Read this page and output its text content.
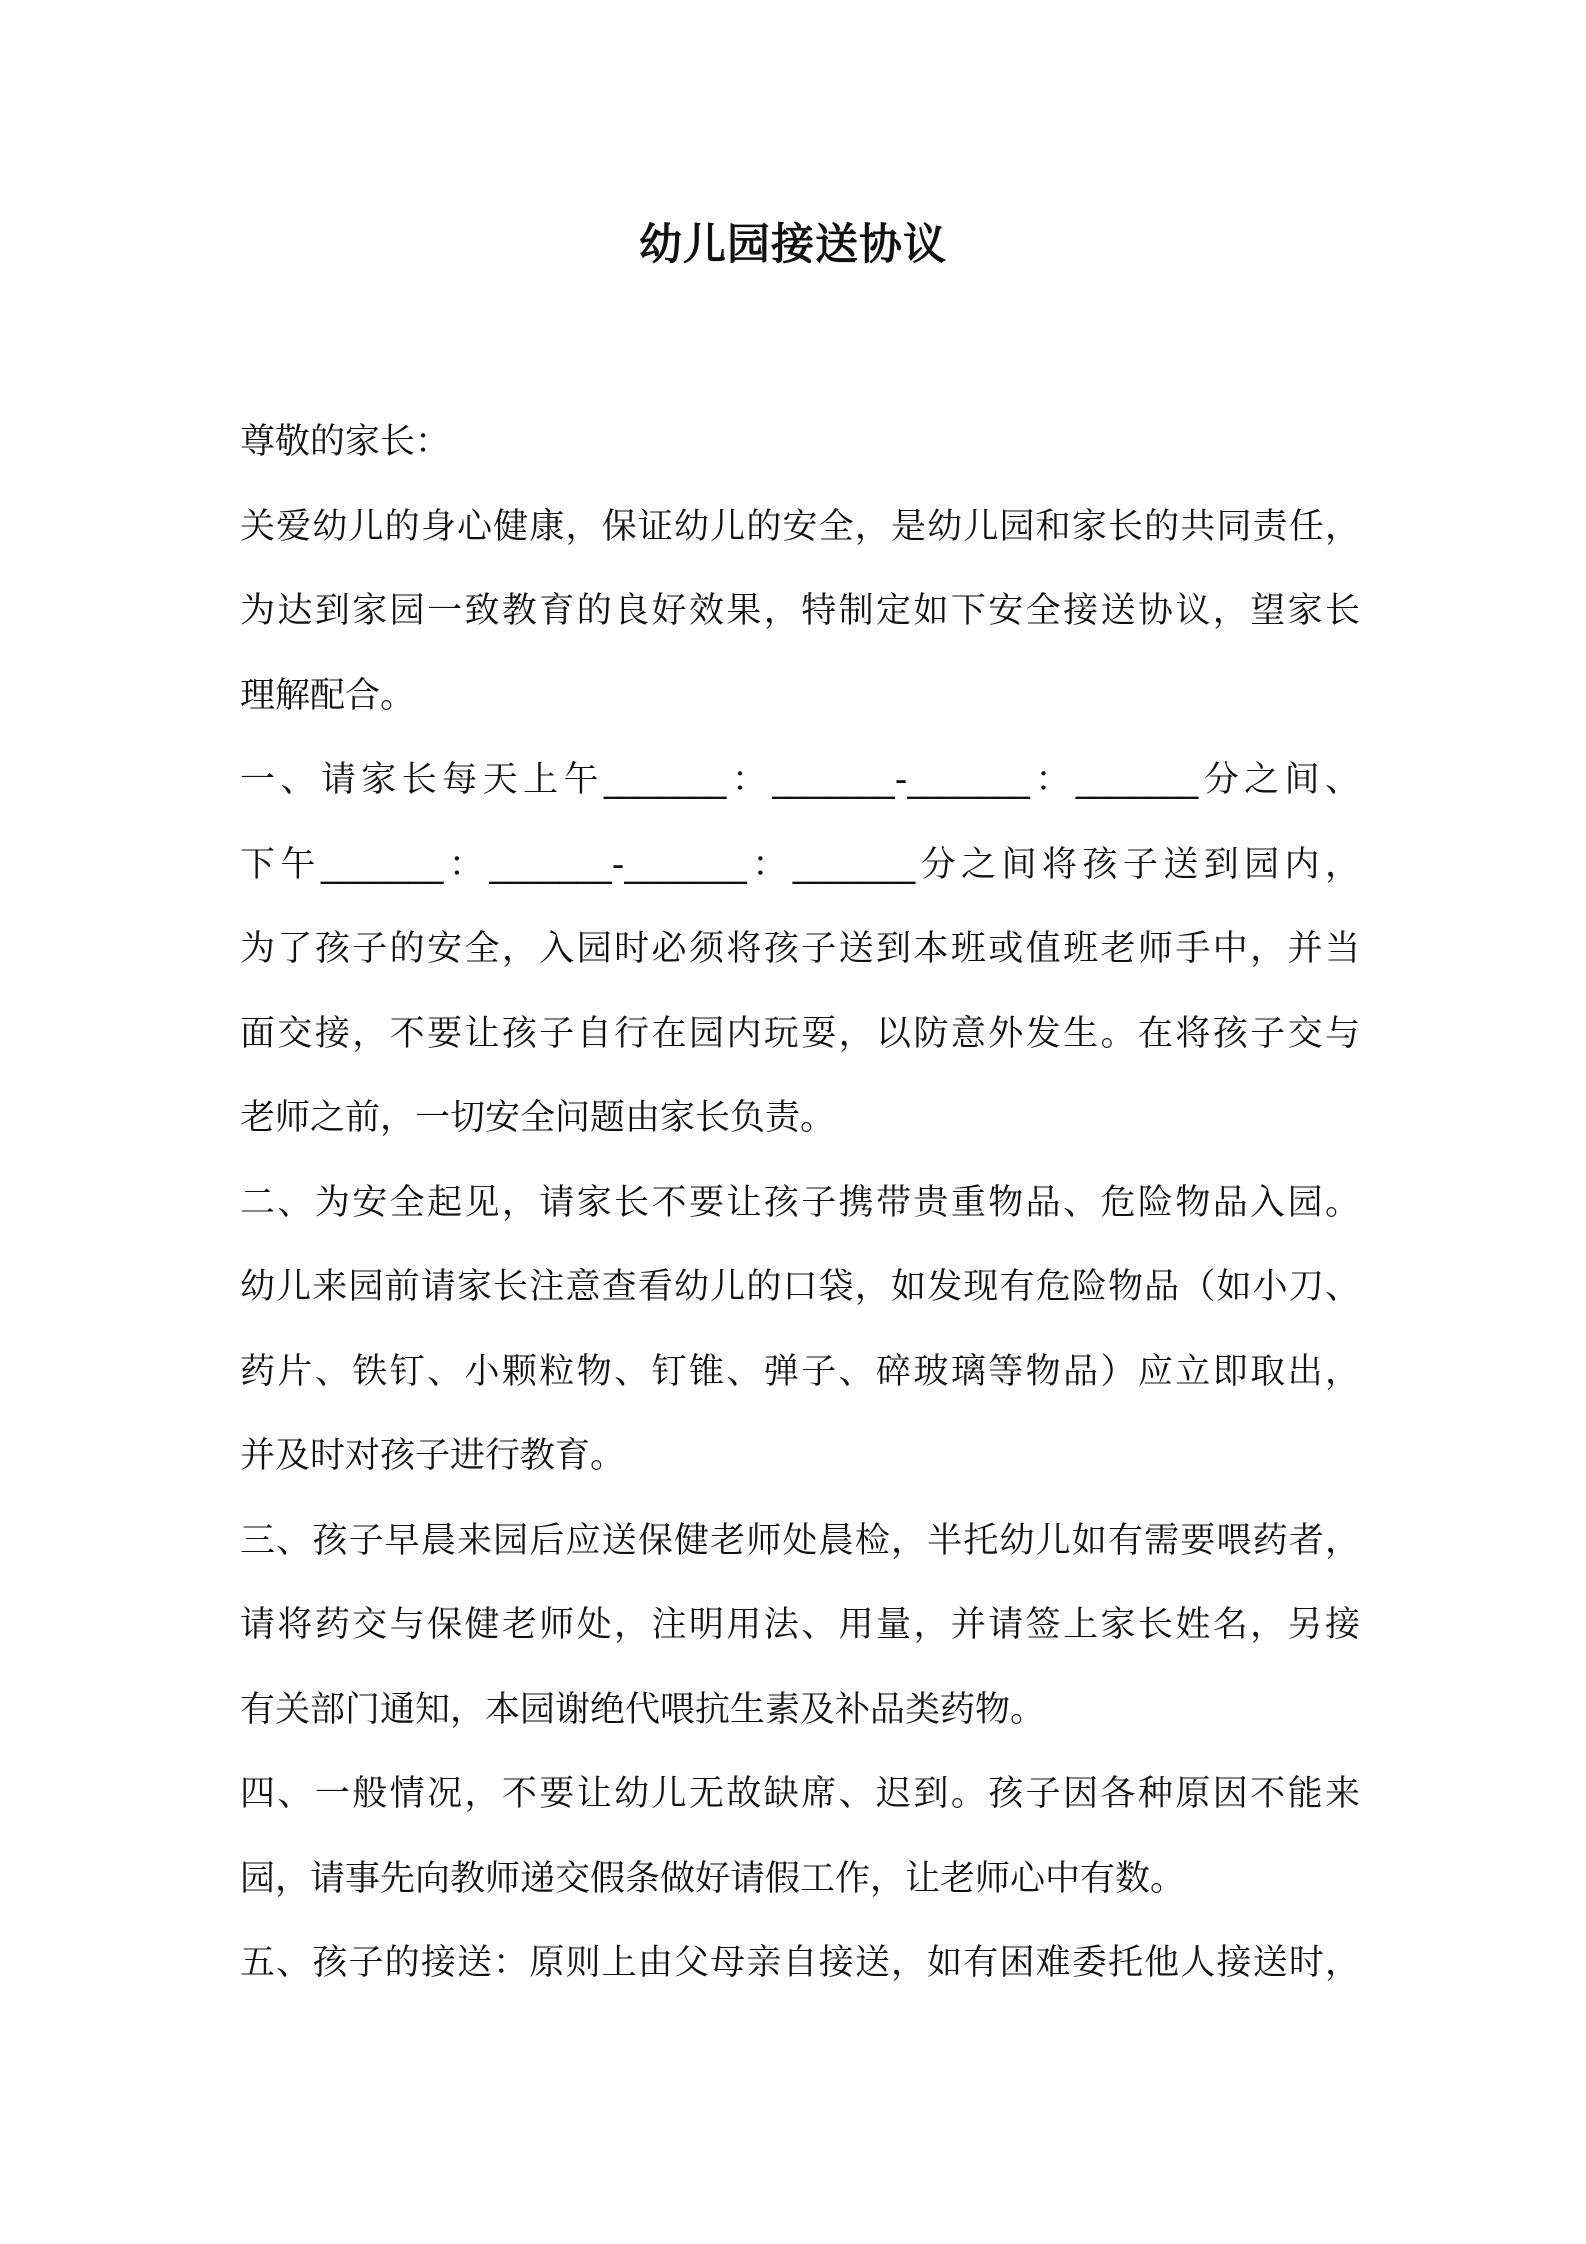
幼儿园接送协议
尊敬的家长：
关爱幼儿的身心健康，保证幼儿的安全，是幼儿园和家长的共同责任，
为达到家园一致教育的良好效果，特制定如下安全接送协议，望家长
理解配合。
一、请家长每天上午_______：_______-_______：_______分之间、
下午_______：_______-_______：_______分之间将孩子送到园内，
为了孩子的安全，入园时必须将孩子送到本班或值班老师手中，并当
面交接，不要让孩子自行在园内玩耍，以防意外发生。在将孩子交与
老师之前，一切安全问题由家长负责。
二、为安全起见，请家长不要让孩子携带贵重物品、危险物品入园。
幼儿来园前请家长注意查看幼儿的口袋，如发现有危险物品（如小刀、
药片、铁钉、小颗粒物、钉锥、弹子、碎玻璃等物品）应立即取出，
并及时对孩子进行教育。
三、孩子早晨来园后应送保健老师处晨检，半托幼儿如有需要喂药者，
请将药交与保健老师处，注明用法、用量，并请签上家长姓名，另接
有关部门通知，本园谢绝代喂抗生素及补品类药物。
四、一般情况，不要让幼儿无故缺席、迟到。孩子因各种原因不能来
园，请事先向教师递交假条做好请假工作，让老师心中有数。
五、孩子的接送：原则上由父母亲自接送，如有困难委托他人接送时，
